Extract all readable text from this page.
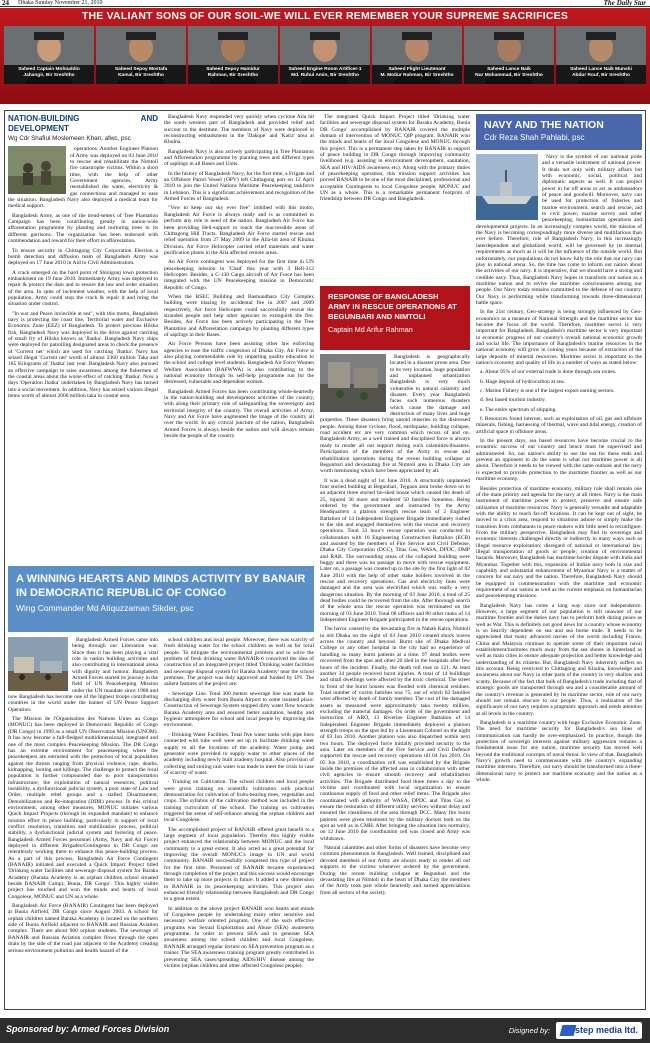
24 Dhaka Sunday November 21, 2010	The Daily Star
THE VALIANT SONS OF OUR SOIL-WE WILL EVER REMEMBER YOUR SUPREME SACRIFICES
Saheed Captain Mohiuddin
Jahangir, Bir Sreshtho
Saheed Sepoy Mostafa
Kamal, Bir Sreshtho
Saheed Sepoy Hamidur
Rahman, Bir Sreshtho
Saheed Engine Room Artificer-1
Md. Ruhul Amin, Bir Sreshtho
Saheed Flight Lieutenant
M. Motiur Rahman, Bir Sreshtho
Saheed Lance Naik
Nur Mohammad, Bir Sreshtho
Saheed Lance Naik Munshi
Abdur Rouf, Bir Sreshtho
NATION-BUILDING AND DEVELOPMENT
Wg Cdr Shafiul Moslemeen Khan, afwc, psc

operations. Another Engineer Platoon of Army was deployed on 03 June 2010 to rescue and rehabilitate the Nimtoli fire catastrophe victims. Within a short time, with the help of other Government agencies, Army reestablished the water, electricity & gas connections and managed to ease the situation. Bangladesh Navy also deployed a medical team for medical support.

Bangladesh Army, as one of the trend-setters of Tree Plantation Campaign has been contributing greatly in nation-wide afforestation programme by planting and nurturing trees in its different garrisons. The organization has been endorsed with commendation and reward for their effort in afforestation.

To ensure security in Chittagong City Corporation Election a bomb detection and diffusion team of Bangladesh Army was deployed on 17 June 2010 in Aid to Civil Administration.

A crack emerged on the hard point of Shinigonj town protection embankment on 19 June 2010. Immediately Army was deployed to repair & protect the dam and to ensure the law and order situation of the area. In spite of inclement weather, with the help of local population, Army could stop the crack & repair it and bring the situation under control.

"In war and Peace invincible at sea", with this motto, Bangladesh navy is protecting the coast line, Territorial water and Exclusive Economic Zone (EEZ) of Bangladesh. To protect precious Hilsha fish, Bangladesh Navy was deployed in the drive against catching of small fry of Hilsha known as 'Jhatka'. Bangladesh Navy ships were deployed for patrolling designated areas to check the presence of 'Current net' which are used for catching 'Jhatka'. Navy has seized illegal 'Current net' worth of almost 2360 million Taka and 185 Kilograms of 'Jhatka' last year. Bangladesh Navy also pursued an effective campaign to raise awareness among the fishermen of the coastal areas about the worse effect of catching 'Jhatka'. Now a days 'Operation Jhatka' undertaken by Bangladesh Navy has turned into a social movement. In addition, Navy has seized various illegal items worth of almost 2000 million taka in coastal area.

Bangladesh Navy responded very quickly when cyclone Aila hit the south western part of Bangladesh and provided relief and succour to the destitute. The members of Navy were deployed in reconstructing embankment in the 'Dakope' and 'Kaira' area at Khulna.

Bangladesh Navy is also actively participating in Tree Plantation and Afforestation programme by planting trees and different types of saplings in all Bases and Units.

In the history of Bangladesh Navy, for the first time, a Frigate and an Offshore Patrol Vessel (OPV) left Chittagong port on 12 April 2010 to join the United Nations Maritime Peacekeeping taskforce in Lebanon. This is a significant achievement and recognition of the Armed Forces of Bangladesh.

"Vow to keep our sky ever free" imbibed with this motto, Bangladesh Air Force is always ready and is as committed to perform any role in need of the nation. Bangladesh Air Force has been providing Heli-support to reach the inaccessible areas of Chittagong Hill Tracts. Bangladesh Air Force started rescue and relief operation from 27 May 2009 in the Aila-hit area of Khulna Division. Air Force Helicopter carried relief materials and water purification plants in the Aila affected remote areas.

An Air Force contingent was deployed for the first time in UN peacekeeping mission in 'Chad' this year with 3 Bell-212 Helicopter. Besides, a C-130 Cargo aircraft of Air Force has been integrated with the UN Peacekeeping mission in Democratic Republic of Congo.

When the BSEC Building and Bashundhara City Complex building were blazing by accidental fire in 2007 and 2009 respectively, Air force Helicopter could successfully rescue the stranded people and help other agencies to extinguish the fire. Besides, Air Force has been actively participating in the Tree Plantation and Afforestation campaign by planting different types of saplings in their Bases.

Air Force Persons have been assisting other law enforcing agencies to ease the traffic congestion of Dhaka City. Air Force is also playing commendable role by imparting quality education to the school and college level students. Bangladesh Air Force Women Welfare Association (BAFWWA) is also contributing to the national economy through its self-help programme run for the distressed, vulnerable and dependent women.

Bangladesh Armed Forces has been contributing whole-heartedly in the nation-building and development activities of the country, with along their primary role of safeguarding the sovereignty and territorial integrity of the country. The overall activities of Army, Navy and Air Force have augmented the image of the country all over the world. In any critical juncture of the nation, Bangladesh Armed Forces is always beside the nation and will always remain beside the people of the country.

A WINNING HEARTS AND MINDS ACTIVITY BY BANAIR IN DEMOCRATIC REPUBLIC OF CONGO
Wing Commander Md Atiquzzaman Sikder, psc

Bangladesh Armed Forces came into being through our Liberation war. Since then it has been playing a vital role in nation building activities and also contributing in international arena with dignity and honour. Bangladesh Armed Forces started its journey in the field of UN Peacekeeping Mission under the UN mandate since 1988 and now Bangladesh has become one of the highest troops contributing countries in the world under the banner of UN Peace Support Operation.

The Mission de l'Organisation des Nations Unies au Congo (MONUC) has been deployed in Democratic Republic of Congo (DR Congo) in 1999 as a small UN Observation Mission (UNOM). It has now become a full-fledged multidimensional, integrated and one of the most complex Peacekeeping Mission. The DR Congo has an extreme environment for peacekeeping where the peacekeepers are entrusted with the protection of local population against the threats ranging from physical violence, rape, deaths, kidnapping, looting and killings. The challenge to protect the local population is further compounded due to poor transportation infrastructure, the exploitation of natural resources, political instability, a dysfunctional judicial system, a poor state of Law and Order, multiple rebel groups and a stalled Disarmament, Demobilization and Re-integration (DDR) process. In this critical environment, among other measures, MONUC initiates various Quick Impact Projects (through its expanded mandate) to enhance mission effort in peace building, particularly in support of local conflict resolution, transition and stabilization process, political stability, a dysfunctional judicial system and fostering of peace. Bangladesh Armed Forces personnel (Army, Navy and Air Force) deployed in different Brigades/Contingents in DR Congo are relentlessly working there to enhance this peace-building process. As a part of this process, Bangladesh Air Force Contingent (BANAIR) initiated and executed a Quick Impact Project titled 'Drinking water facilities and sewerage disposal system for Baraka Academy (Baraka Academy is an orphan children school situated beside BANAIR Camp), Bunia, DR Congo'. This highly visible project has touched and won the minds and hearts of local Congolese, MONUC and UN as a whole.

Bangladesh Air Force (BANAIR) Contingent has been deployed at Bunia Airfield, DR Congo since August 2003. A school for orphan children named Baraka Academy is located on the northern side of Bunia Airfield adjacent to BANAIR and Russian Aviation complex. There are about 900 orphan students. The sewerage of BANAIR and Russian Aviation complex flows through the open drain by the side of the road just adjacent to the Academy creating serious environment pollution and health hazard of the

school children and local people. Moreover, there was scarcity of fresh drinking water for the school children as well as for local people. To mitigate the environmental problem and to solve the problem of fresh drinking water BANAIR-6 conceived the idea of construction of an integrated project titled 'Drinking water facilities and sewerage disposal system for Baraka Academy' near the school premises. The project was duly approved and funded by UN. The salient features of the project are:

- Sewerage Line. Total 300 meters sewerage line was made for discharging dirty water from Bunia Airport to some isolated place. Construction of Sewerage System stopped dirty water flow towards Baraka Academy area and ensured better sanitation, healthy and hygienic atmosphere for school and local people by improving the environment.

- Drinking Water Facilities. Total five water tanks with pipe lines connected with tube well were set up to facilitate drinking water supply to all the locations of the academy. Water pump and generator were provided to supply water to other places of the academy including newly built academy hospital. Also provision of collecting and storing rain water was made to meet the crisis in case of scarcity of water.

- Training on Cultivation. The school children and local people were given training on scientific cultivation with practical demonstration for cultivation of fruits-bearing trees, vegetables and crops. The syllabus of the cultivation method was included in the training curriculum of the school. The training on cultivation triggered the sense of self-reliance among the orphan children and local Congolese.

The accomplished project of BANAIR offered great benefit to a large segment of local population. Thereby this highly visible project enhanced the relationship between MONUC and the local community to a great extent. It also acted as a great potential for improving the overall MONUC's image to UN and world community. BANAIR successfully completed this type of project for the first time. Personnel of BANAIR became experienced through completion of the project and this success would encourage them to take up more projects in future. It added a new dimension to BANAIR in its peacekeeping activities. This project also enhanced friendly relationship between Bangladesh and DR Congo to a great extent.

In addition to the above project BANAIR won hearts and minds of Congolese people by undertaking many other sensitive and necessary welfare oriented program. One of the such effective programs was Sexual Exploitation and Abuse (SEA) awareness programme. In order to prevent SEA and to generate SEA awareness among the school children and local Congolese, BANAIR arranged regular lecture on SEA prevention program as a trainer. The SEA awareness training program greatly contributed in preventing SEA cases/spreading AIDS/HIV disease among the victims (orphan children and other affected Congolese people).

The integrated Quick Impact Project titled 'Drinking water facilities and sewerage disposal system for Baraka Academy, Bunia DR Congo' accomplished by BANAIR covered the multiple domain of intervention of MONUC QIP program. BANAIR won the minds and hearts of the local Congolese and MONUC through this project. This is a permanent step taken by BANAIR in support of peace building in DR Congo through improving community livelihood (e.g. assisting in environment development, sanitation, SEA and HIV/AIDS awareness etc). Along with the primary duties of peacekeeping operation, this mission support activities has proved BANAIR to be one of the most disciplined, professional and acceptable Contingents to local Congolese people, MONUC and UN as a whole. This is a remarkable permanent footprint of friendship between DR Congo and Bangladesh.

RESPONSE OF BANGLADESH ARMY IN RESCUE OPERATIONS AT BEGUNBARI AND NIMTOLI
Captain Md Arifur Rahman

Bangladesh is geographically located in a disaster prone area. Due to its very location, huge population and unplanned urbanization Bangladesh is very much vulnerable to natural calamity and disaster. Every year Bangladesh faces such numerous disasters which cause the damage and destruction of many lives and huge properties. These disasters bring untold miseries to the distressed people. Among those cyclone, flood, earthquake, building collapse, road accident etc are very common which recurs of and on. Bangladesh Army, as a well trained and disciplined force is always ready to render all out support during such calamities/disasters. Participation of the members of the Army in rescue and rehabilitation operations during the recent building collapse at Begunbari and devastating fire at Nimtoli area in Dhaka City are worth mentioning which have been appreciated by all.

It was a dead night of 1st June 2010. A structurally unplanned four storied building at Begunbari, Tejgaon area broke down on to an adjacent three storied tin-shed house which caused the death of 25, injured 30 more and rendered 50 families homeless. Being ordered by the government and instructed by the Army Headquarters a platoon strength rescue team of 2 Engineer Battalion of 14 Independent Engineer Brigade immediately rushed to the site and engaged themselves with the rescue and recovery operations. Total 33 hour's rescue operation was conducted in collaboration with 16 Engineering Construction Battalion (ECB) and assisted by the members of Fire Service and Civil Defense, Dhaka City Corporation (DCC), Titas Gas, WASA, DPDC, DMP and RAB. The surrounding areas of the collapsed building were buggy and there was no passage to move with rescue equipment. Later on, a passage was created up to the site by the first light of 02 June 2010 with the help of other stake holders involved in the rescue and recovery operations. Gas and electricity lines were damaged and the area was electrified which was really a very dangerous situation. By the morning of 03 June 2010, a total of 25 dead bodies could be recovered from the site. After thorough search of the whole area the rescue operation was terminated on the morning of 03 June 2010. Total 08 officers and 80 other ranks of 14 Independent Engineer Brigade participated in the rescue operations.

The havoc caused by the devastating fire at Nabab Katra, Nimtoli in old Dhaka on the night of 03 June 2010 created shock waves across the country and beyond. Burnt site of Dhaka Medical College or any other hospital in the city had no experience of handling so many burnt patients at a time. 97 dead bodies were recovered from the spot and other 20 died in the hospitals after few hours of the incident. Finally, the death toll rose to 121. At least another 34 people received burnt injuries. A total of 14 buildings and small dwellings were affected by the toxic chemical. The street in front of the burnt houses was flooded with chemical residues. Total number of victim families was 75, out of which 63 families were affected by death of family member. The cost of the damaged assets as measured were approximately taka twenty million, excluding the material damages. On order of the government and instruction of ARO, 13 Riverine Engineer Battalion of 14 Independent Engineer Brigade immediately deployed a platoon strength troops on the spot led by a Lieutenant Colonel on the night of 03 Jun 2010. Another platoon was also dispatched within next two hours. The deployed force initially provided security to the area. Later on members of the Fire Service and Civil Defence supported the rescue and recovery operations till 04 Jun 2010. On 05 Jun 2010, a coordination cell was established by the Brigade inside the premises of the affected area in collaboration with other civil agencies to ensure smooth recovery and rehabilitation activities. The Brigade distributed food three times a day to the victims and coordinated with local organization to ensure continuous supply of food and other relief items. The Brigade also coordinated with authority of WASA, DPDC and Titas Gas to ensure the restoration of different utility services without delay and ensured the cleanliness of the area through DCC. Many fire burnt patients were given treatment by the military doctors both on the spot as well as in CMH. After bringing the situation into normalcy, on 12 June 2010 the coordination cell was closed and Army was withdrawn.

Natural calamities and other forms of disasters have become very common phenomenon in Bangladesh. Well trained, disciplined and devoted members of our Army are always ready to render all out supports to the victims whenever ordered by the government. During the recent building collapse at Begunbari and the devastating fire at Nimtoli in the heart of Dhaka City the members of the Army took part whole heartedly and earned appreciations from all sectors of the society.

NAVY AND THE NATION
Cdr Reza Shah Pahlabi, psc

Navy is the symbol of our national pride and a versatile instrument of national power. It deals not only with military affairs but with economic, social, political and diplomatic aspects as well. It can project power in far off areas or act as ambassadors of peace and goodwill. Moreover, navy can be used for protection of fisheries and marine environment, search and rescue, aid to civil power, marine survey and other peacekeeping, humanitarian operations and developmental projects. In an increasingly complex world, the mission of the Navy is becoming correspondingly more diverse and multifarious than ever before. Therefore, role of Bangladesh Navy, in this increasingly interdependent and globalized world, will be governed by its internal requirements as much as it will be the influence of the outside world. But unfortunately, our populations do not know fully the role that our navy can play in national arena. So, the time has come to inform our nation about the activities of our navy. It is imperative, that we should have a strong and credible navy. Thus, Bangladesh Navy hopes to transform our nation as a maritime nation and to revive the maritime consciousness among our people. Our Navy today remains committed to the defense of our country. Our Navy is performing while transforming towards three-dimensional battle space.

In the 21st century, Geo-strategy is being strongly influenced by Geo-economics as a measure of National Strength and the maritime sector has become the focus of the world. Therefore, maritime sector is very important for Bangladesh. Bangladesh's maritime sector is very important in economic progress of our country's overall national economic growth and social life. The importance of Bangladesh's marine resources in the national economy will grow in coming years because of extraction of the large deposits of mineral resources. Maritime sector is important to the nation's economy and quality of life in a number of ways as stated below:

a. About 95% of our external trade is done through sea routes.

b. Huge deposit of hydrocarbon at sea.

c. Marine Fishery is one of the largest export earning sectors.

d. Sea based tourism industry.

e. The entire spectrum of shipping.

f. Resources found internet, such as exploitation of oil, gas and offshore minerals, fishing, harnessing of thermal, wave and tidal energy, creation of artificial space in offshore areas.

In the present days, sea based resources have become crucial to the economic success of our country and hence must be supervised and administered. So, our nation's ability to use the sea for these ends and prevent an opponent to do the same is what our maritime power is all about. Therefore it needs to be viewed with the same outlook and the navy is expected to provide protection to the maritime frontier as well as our maritime economy.

Besides protection of maritime economy, military role shall remain one of the main priority and agenda for the navy at all times. Navy is the main instrument of maritime power to protect, preserve and ensure safe utilization of maritime resources. Navy is generally versatile and adaptable with the ability to reach far-off locations. It can be kept out of sight, be moved to a crisis area, respond to situations ashore or simply make the transition from combatants to peace makers with little need to reconfigure. From the military perspective, Bangladesh may find its sovereign and economic interests challenged directly or indirectly in many ways such as illegal resource exploitation; disregard of national or international law; illegal transportation of goods or people; creation of environmental hazards. Moreover, Bangladesh has maritime border dispute with India and Myanmar. Together with this, expansion of Indian navy both in size and capability and substantial enhancement of Myanmar Navy is a matter of concern for our navy and the nation. Therefore, Bangladesh Navy should be equipped in commensuration with the maritime and economic requirement of our nation as well as the current emphasis on humanitarian and peacekeeping missions.

Bangladesh Navy has come a long way since our independence. However, a large segment of our population is still unaware of our maritime frontier and the duties navy has to perform both during peace as well as War. This is definitely not good news for a country whose economy is so heavily dependent on sea and sea borne trade. It needs to be appreciated that many advanced navies of the world including France, China and Malaysia continue to operate some of their important naval establishment/institutes much away from the sea shores in hinterland as well as main cities to ensure adequate projection and better knowledge and understanding of its citizens. But, Bangladesh Navy inherently suffers on this account. Being restricted to Chittagong and Khulna, knowledge and awareness about our Navy in other parts of the country is very shallow and scanty. Because of the fact that bulk of Bangladesh's trade including that of strategic goods are transported through sea and a considerable amount of the country's revenue is generated by its maritime sector, role of our navy should not remain obscure to our people. Thus, a realization of the significance of our navy requires a pragmatic approach and needs attention at all levels in the country.

Bangladesh is a maritime country with huge Exclusive Economic Zone. The need for maritime security for Bangladesh's sea lines of communication can hardly be over-emphasized. In practice, though the protection of sovereign interests against military aggression remains a fundamental issue for any nation, maritime security has moved well beyond the traditional concepts of naval threat. In view of that, Bangladesh Navy's growth need to commensurate with the country's expanding maritime interests. Therefore, our navy should be transformed into a three-dimensional navy to protect our maritime economy and the nation as a whole.

Sponsored by: Armed Forces Division	Disigned by:	step media ltd.
